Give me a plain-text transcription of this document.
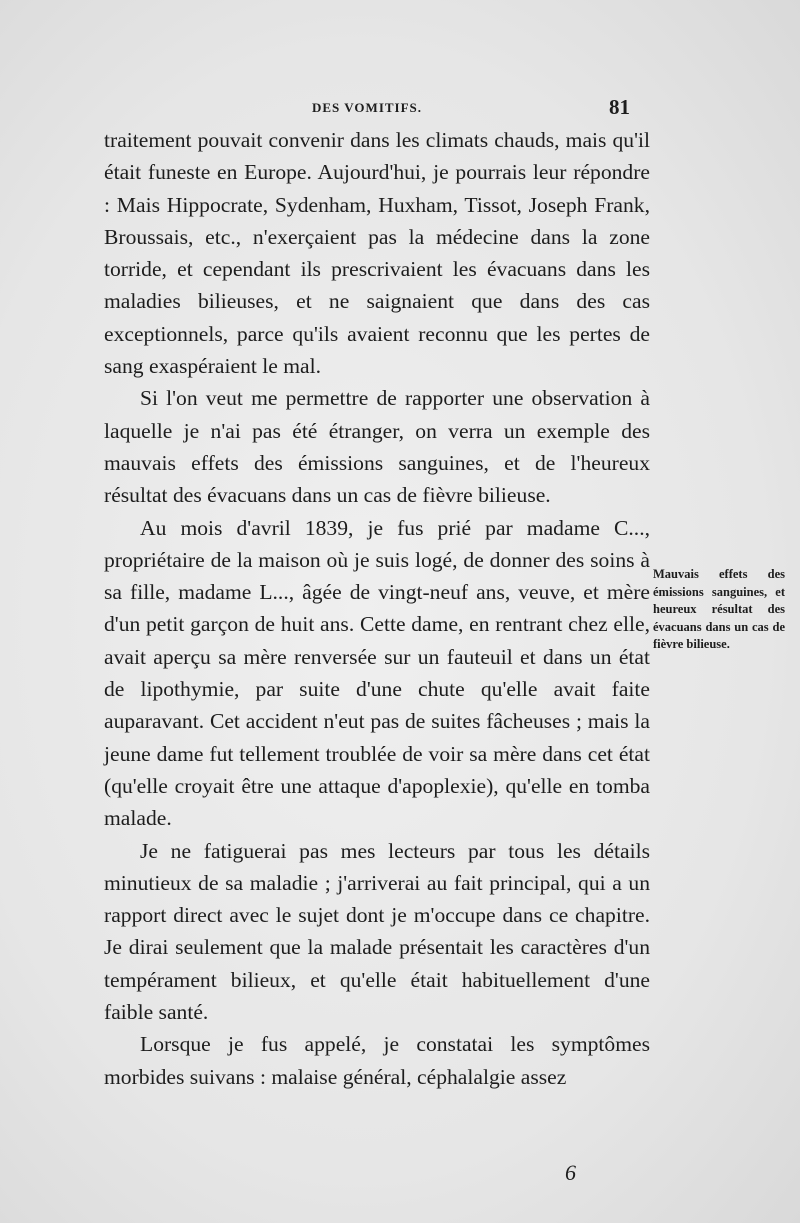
DES VOMITIFS.	81

traitement pouvait convenir dans les climats chauds, mais qu'il était funeste en Europe. Aujourd'hui, je pourrais leur répondre : Mais Hippocrate, Sydenham, Huxham, Tissot, Joseph Frank, Broussais, etc., n'exerçaient pas la médecine dans la zone torride, et cependant ils prescrivaient les évacuans dans les maladies bilieuses, et ne saignaient que dans des cas exceptionnels, parce qu'ils avaient reconnu que les pertes de sang exaspéraient le mal.

Si l'on veut me permettre de rapporter une observation à laquelle je n'ai pas été étranger, on verra un exemple des mauvais effets des émissions sanguines, et de l'heureux résultat des évacuans dans un cas de fièvre bilieuse.

Au mois d'avril 1839, je fus prié par madame C..., propriétaire de la maison où je suis logé, de donner des soins à sa fille, madame L..., âgée de vingt-neuf ans, veuve, et mère d'un petit garçon de huit ans. Cette dame, en rentrant chez elle, avait aperçu sa mère renversée sur un fauteuil et dans un état de lipothymie, par suite d'une chute qu'elle avait faite auparavant. Cet accident n'eut pas de suites fâcheuses ; mais la jeune dame fut tellement troublée de voir sa mère dans cet état (qu'elle croyait être une attaque d'apoplexie), qu'elle en tomba malade.

Je ne fatiguerai pas mes lecteurs par tous les détails minutieux de sa maladie ; j'arriverai au fait principal, qui a un rapport direct avec le sujet dont je m'occupe dans ce chapitre. Je dirai seulement que la malade présentait les caractères d'un tempérament bilieux, et qu'elle était habituellement d'une faible santé.

Lorsque je fus appelé, je constatai les symptômes morbides suivans : malaise général, céphalalgie assez

Mauvais effets des émissions sanguines, et heureux résultat des évacuans dans un cas de fièvre bilieuse.
6
